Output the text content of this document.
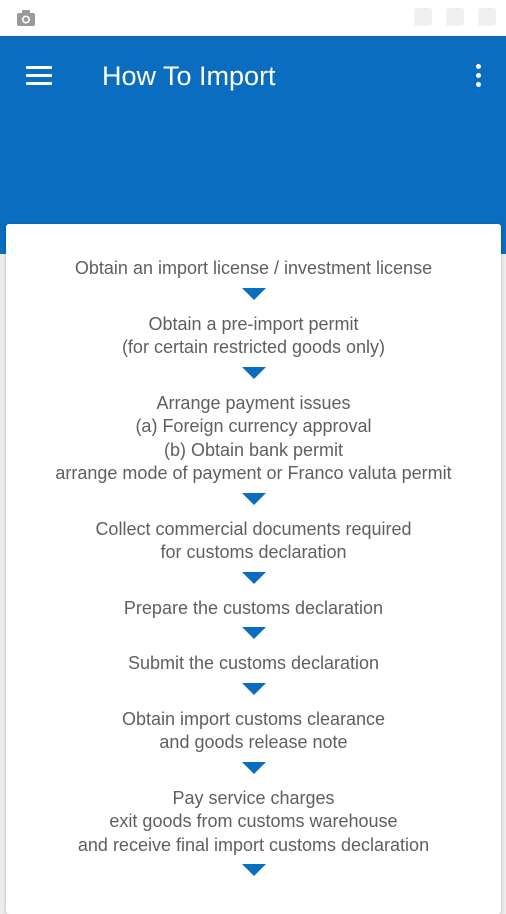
How To Import

Obtain an import license / investment license

Obtain a pre-import permit

(for certain restricted goods only)

Arrange payment issues

(a) Foreign currency approval

(b) Obtain bank permit

arrange mode of payment or Franco valuta permit

Collect commercial documents required

for customs declaration

Prepare the customs declaration

Submit the customs declaration

Obtain import customs clearance

and goods release note

Pay service charges

exit goods from customs warehouse

and receive final import customs declaration
